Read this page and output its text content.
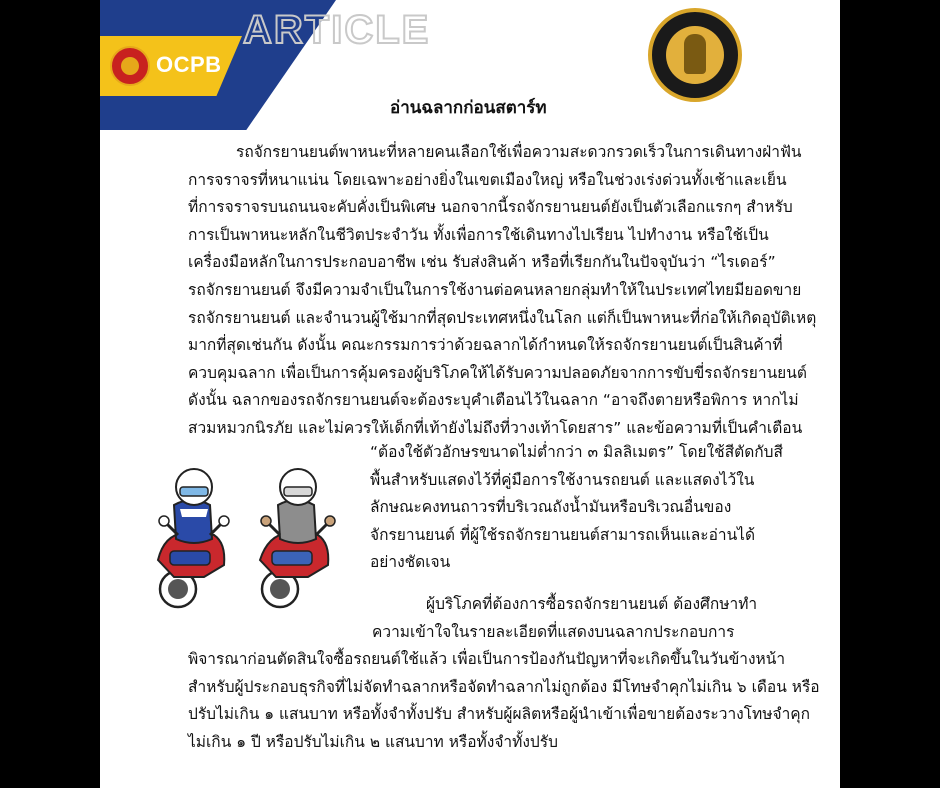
OCPB
ARTICLE
อ่านฉลากก่อนสตาร์ท
รถจักรยานยนต์พาหนะที่หลายคนเลือกใช้เพื่อความสะดวกรวดเร็วในการเดินทางฝ่าฟัน
การจราจรที่หนาแน่น โดยเฉพาะอย่างยิ่งในเขตเมืองใหญ่ หรือในช่วงเร่งด่วนทั้งเช้าและเย็น
ที่การจราจรบนถนนจะคับคั่งเป็นพิเศษ นอกจากนี้รถจักรยานยนต์ยังเป็นตัวเลือกแรกๆ สำหรับ
การเป็นพาหนะหลักในชีวิตประจำวัน ทั้งเพื่อการใช้เดินทางไปเรียน ไปทำงาน หรือใช้เป็น
เครื่องมือหลักในการประกอบอาชีพ เช่น รับส่งสินค้า หรือที่เรียกกันในปัจจุบันว่า “ไรเดอร์”
รถจักรยานยนต์ จึงมีความจำเป็นในการใช้งานต่อคนหลายกลุ่มทำให้ในประเทศไทยมียอดขาย
รถจักรยานยนต์ และจำนวนผู้ใช้มากที่สุดประเทศหนึ่งในโลก แต่ก็เป็นพาหนะที่ก่อให้เกิดอุบัติเหตุ
มากที่สุดเช่นกัน ดังนั้น คณะกรรมการว่าด้วยฉลากได้กำหนดให้รถจักรยานยนต์เป็นสินค้าที่
ควบคุมฉลาก เพื่อเป็นการคุ้มครองผู้บริโภคให้ได้รับความปลอดภัยจากการขับขี่รถจักรยานยนต์
ดังนั้น ฉลากของรถจักรยานยนต์จะต้องระบุคำเตือนไว้ในฉลาก “อาจถึงตายหรือพิการ หากไม่
สวมหมวกนิรภัย และไม่ควรให้เด็กที่เท้ายังไม่ถึงที่วางเท้าโดยสาร” และข้อความที่เป็นคำเตือน
“ต้องใช้ตัวอักษรขนาดไม่ต่ำกว่า ๓ มิลลิเมตร” โดยใช้สีตัดกับสี
พื้นสำหรับแสดงไว้ที่คู่มือการใช้งานรถยนต์ และแสดงไว้ใน
ลักษณะคงทนถาวรที่บริเวณถังน้ำมันหรือบริเวณอื่นของ
จักรยานยนต์ ที่ผู้ใช้รถจักรยานยนต์สามารถเห็นและอ่านได้
อย่างชัดเจน
ผู้บริโภคที่ต้องการซื้อรถจักรยานยนต์ ต้องศึกษาทำ
ความเข้าใจในรายละเอียดที่แสดงบนฉลากประกอบการ
พิจารณาก่อนตัดสินใจซื้อรถยนต์ใช้แล้ว เพื่อเป็นการป้องกันปัญหาที่จะเกิดขึ้นในวันข้างหน้า
สำหรับผู้ประกอบธุรกิจที่ไม่จัดทำฉลากหรือจัดทำฉลากไม่ถูกต้อง มีโทษจำคุกไม่เกิน ๖ เดือน หรือ
ปรับไม่เกิน ๑ แสนบาท หรือทั้งจำทั้งปรับ สำหรับผู้ผลิตหรือผู้นำเข้าเพื่อขายต้องระวางโทษจำคุก
ไม่เกิน ๑ ปี หรือปรับไม่เกิน ๒ แสนบาท หรือทั้งจำทั้งปรับ
